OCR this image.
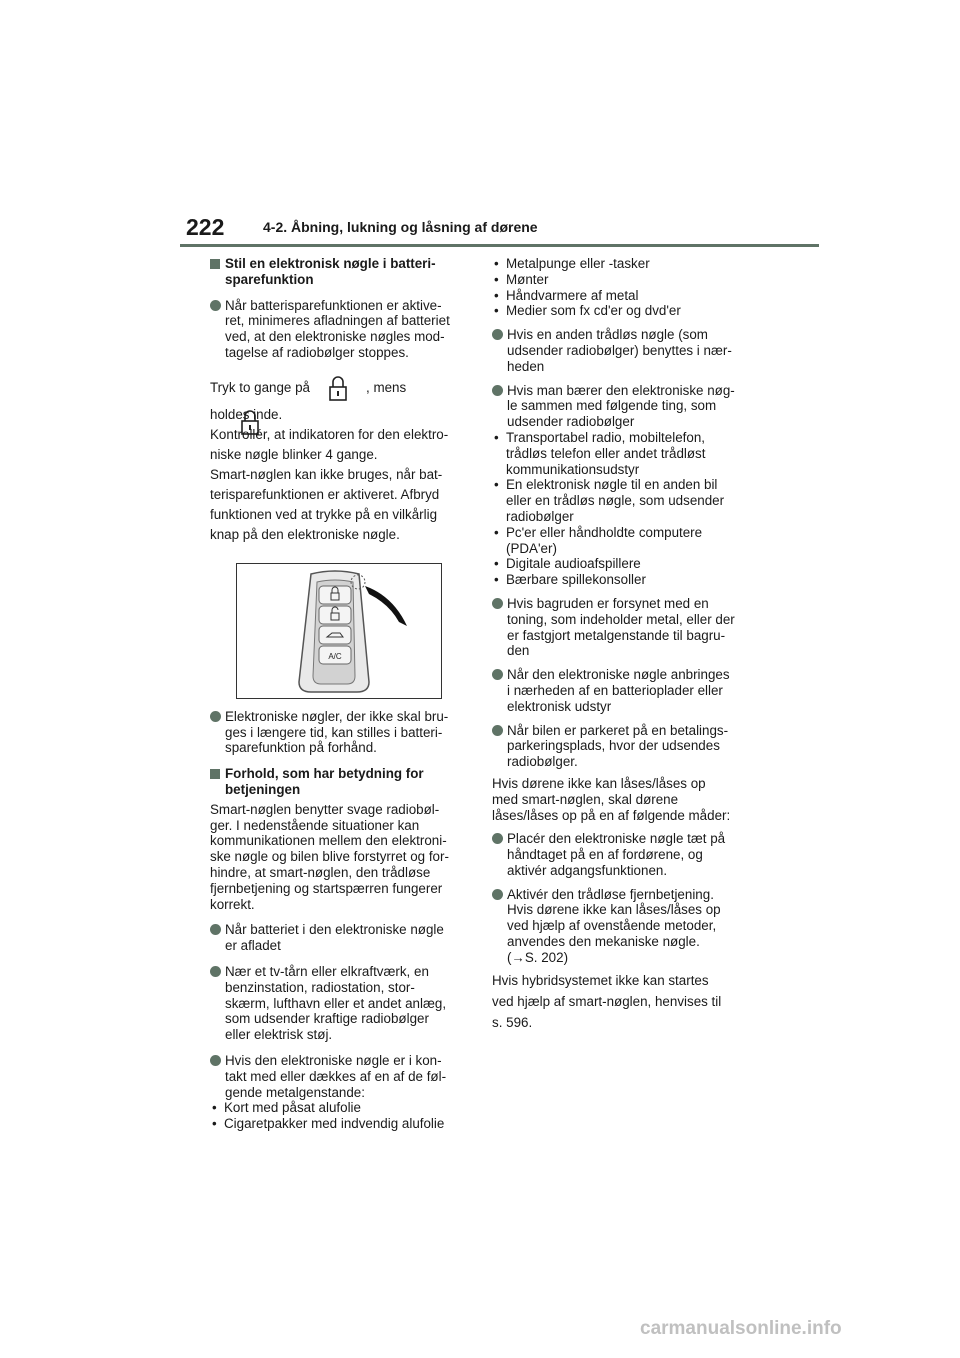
222	4-2. Åbning, lukning og låsning af dørene
Stil en elektronisk nøgle i batteri-
sparefunktion
Når batterisparefunktionen er aktive-
ret, minimeres afladningen af batteriet
ved, at den elektroniske nøgles mod-
tagelse af radiobølger stoppes.
Tryk to gange på	, mens
holdes inde.
Kontrollér, at indikatoren for den elektro-
niske nøgle blinker 4 gange.
Smart-nøglen kan ikke bruges, når bat-
terisparefunktionen er aktiveret. Afbryd
funktionen ved at trykke på en vilkårlig
knap på den elektroniske nøgle.
A/C
Elektroniske nøgler, der ikke skal bru-
ges i længere tid, kan stilles i batteri-
sparefunktion på forhånd.
Forhold, som har betydning for
betjeningen
Smart-nøglen benytter svage radiobøl-
ger. I nedenstående situationer kan
kommunikationen mellem den elektroni-
ske nøgle og bilen blive forstyrret og for-
hindre, at smart-nøglen, den trådløse
fjernbetjening og startspærren fungerer
korrekt.
Når batteriet i den elektroniske nøgle
er afladet
Nær et tv-tårn eller elkraftværk, en
benzinstation, radiostation, stor-
skærm, lufthavn eller et andet anlæg,
som udsender kraftige radiobølger
eller elektrisk støj.
Hvis den elektroniske nøgle er i kon-
takt med eller dækkes af en af de føl-
gende metalgenstande:
• Kort med påsat alufolie
• Cigaretpakker med indvendig alufolie
• Metalpunge eller -tasker
• Mønter
• Håndvarmere af metal
• Medier som fx cd'er og dvd'er
Hvis en anden trådløs nøgle (som
udsender radiobølger) benyttes i nær-
heden
Hvis man bærer den elektroniske nøg-
le sammen med følgende ting, som
udsender radiobølger
• Transportabel radio, mobiltelefon,
trådløs telefon eller andet trådløst
kommunikationsudstyr
• En elektronisk nøgle til en anden bil
eller en trådløs nøgle, som udsender
radiobølger
• Pc'er eller håndholdte computere
(PDA'er)
• Digitale audioafspillere
• Bærbare spillekonsoller
Hvis bagruden er forsynet med en
toning, som indeholder metal, eller der
er fastgjort metalgenstande til bagru-
den
Når den elektroniske nøgle anbringes
i nærheden af en batterioplader eller
elektronisk udstyr
Når bilen er parkeret på en betalings-
parkeringsplads, hvor der udsendes
radiobølger.
Hvis dørene ikke kan låses/låses op
med smart-nøglen, skal dørene
låses/låses op på en af følgende måder:
Placér den elektroniske nøgle tæt på
håndtaget på en af fordørene, og
aktivér adgangsfunktionen.
Aktivér den trådløse fjernbetjening.
Hvis dørene ikke kan låses/låses op
ved hjælp af ovenstående metoder,
anvendes den mekaniske nøgle.
(→S. 202)
Hvis hybridsystemet ikke kan startes
ved hjælp af smart-nøglen, henvises til
s. 596.
carmanualsonline.info
